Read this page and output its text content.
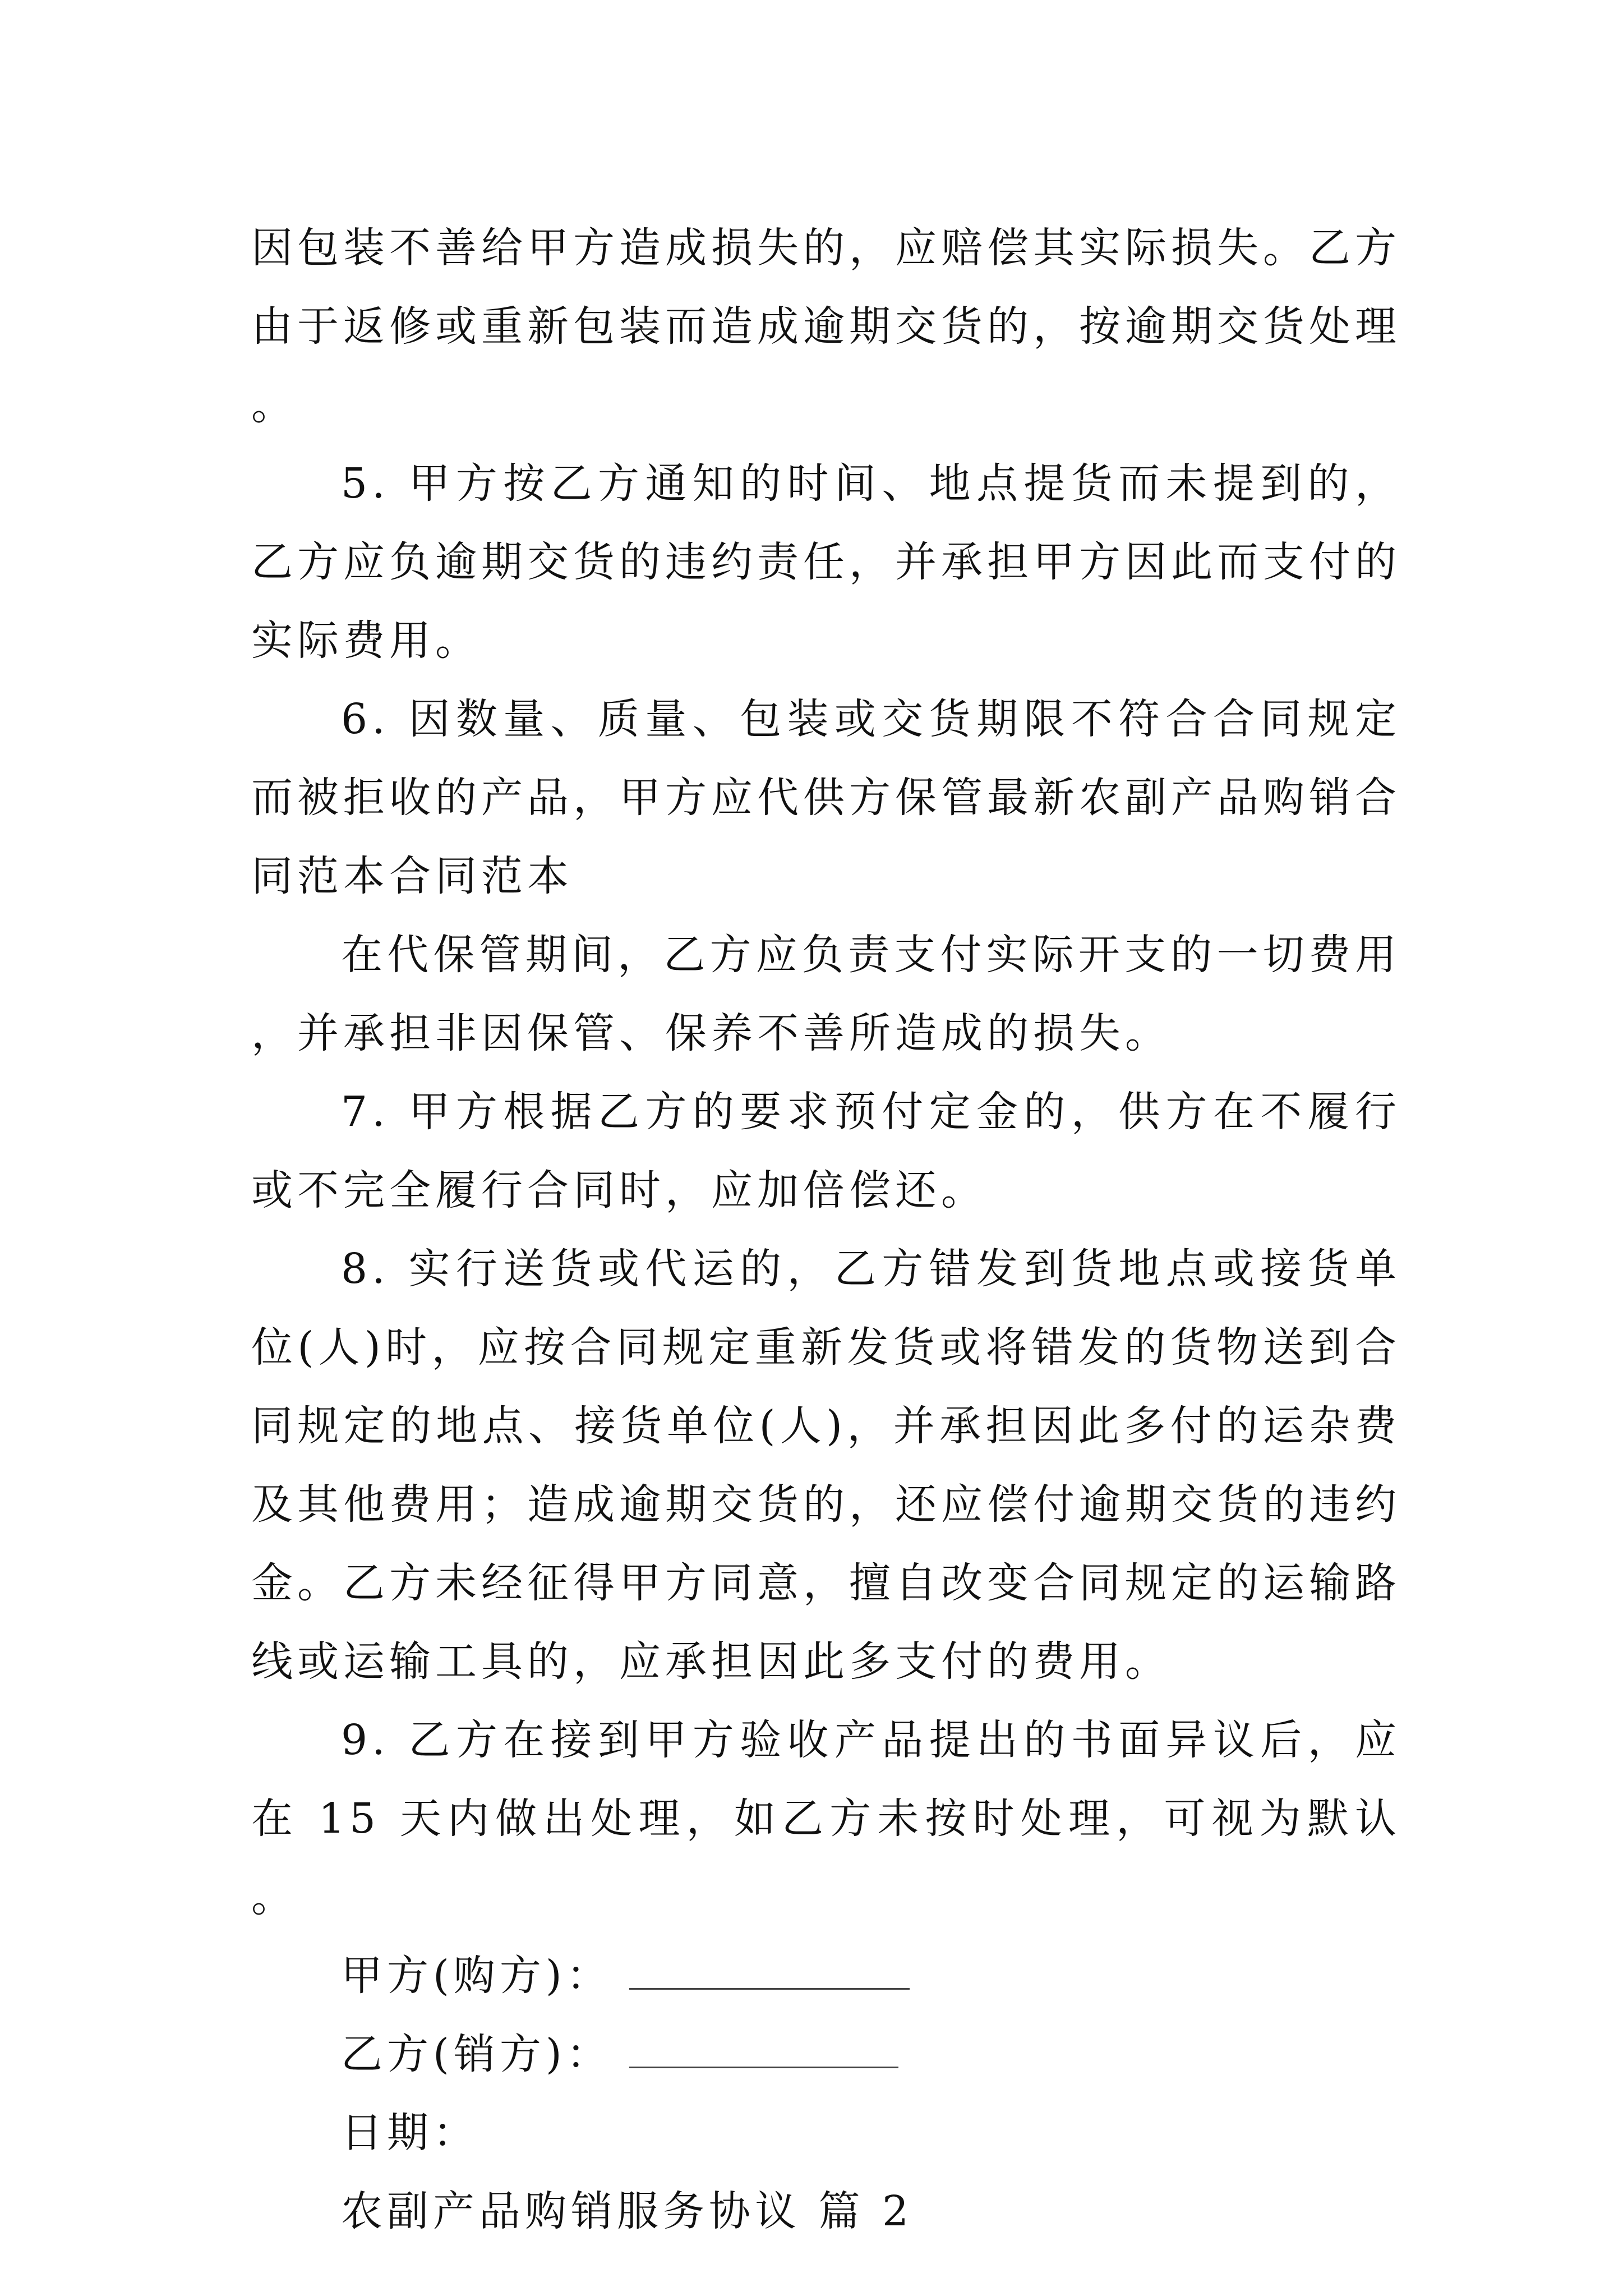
因包装不善给甲方造成损失的，应赔偿其实际损失。乙方由于返修或重新包装而造成逾期交货的，按逾期交货处理。

5. 甲方按乙方通知的时间、地点提货而未提到的，乙方应负逾期交货的违约责任，并承担甲方因此而支付的实际费用。

6. 因数量、质量、包装或交货期限不符合合同规定而被拒收的产品，甲方应代供方保管最新农副产品购销合同范本合同范本

在代保管期间，乙方应负责支付实际开支的一切费用，并承担非因保管、保养不善所造成的损失。

7. 甲方根据乙方的要求预付定金的，供方在不履行或不完全履行合同时，应加倍偿还。

8. 实行送货或代运的，乙方错发到货地点或接货单位(人)时，应按合同规定重新发货或将错发的货物送到合同规定的地点、接货单位(人)，并承担因此多付的运杂费及其他费用；造成逾期交货的，还应偿付逾期交货的违约金。乙方未经征得甲方同意，擅自改变合同规定的运输路线或运输工具的，应承担因此多支付的费用。

9. 乙方在接到甲方验收产品提出的书面异议后，应在 15 天内做出处理，如乙方未按时处理，可视为默认。

甲方(购方)：

乙方(销方)：

日期：

农副产品购销服务协议 篇 2
